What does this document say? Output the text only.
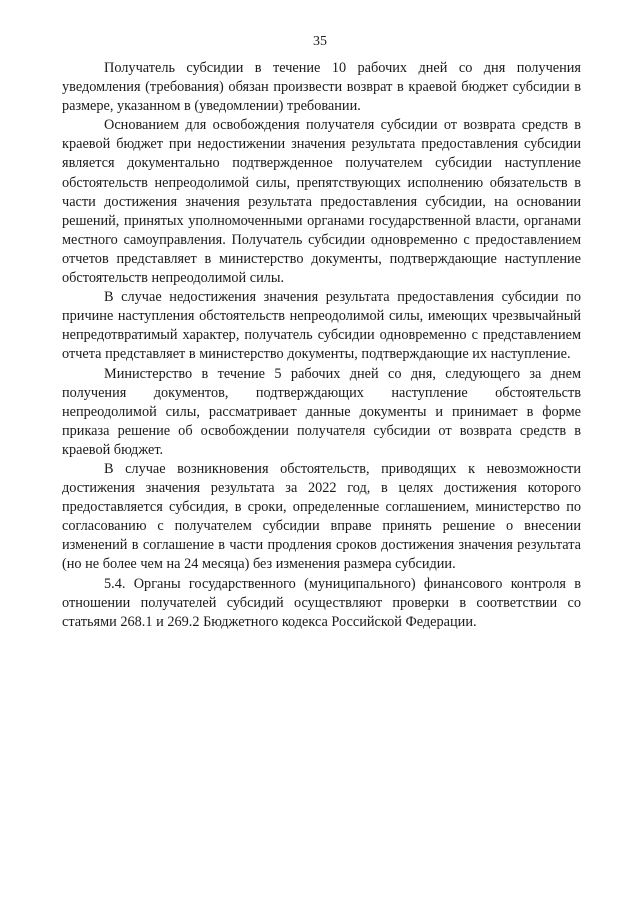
35

Получатель субсидии в течение 10 рабочих дней со дня получения уведомления (требования) обязан произвести возврат в краевой бюджет субсидии в размере, указанном в (уведомлении) требовании.

Основанием для освобождения получателя субсидии от возврата средств в краевой бюджет при недостижении значения результата предоставления субсидии является документально подтвержденное получателем субсидии наступление обстоятельств непреодолимой силы, препятствующих исполнению обязательств в части достижения значения результата предоставления субсидии, на основании решений, принятых уполномоченными органами государственной власти, органами местного самоуправления. Получатель субсидии одновременно с предоставлением отчетов представляет в министерство документы, подтверждающие наступление обстоятельств непреодолимой силы.

В случае недостижения значения результата предоставления субсидии по причине наступления обстоятельств непреодолимой силы, имеющих чрезвычайный непредотвратимый характер, получатель субсидии одновременно с представлением отчета представляет в министерство документы, подтверждающие их наступление.

Министерство в течение 5 рабочих дней со дня, следующего за днем получения документов, подтверждающих наступление обстоятельств непреодолимой силы, рассматривает данные документы и принимает в форме приказа решение об освобождении получателя субсидии от возврата средств в краевой бюджет.

В случае возникновения обстоятельств, приводящих к невозможности достижения значения результата за 2022 год, в целях достижения которого предоставляется субсидия, в сроки, определенные соглашением, министерство по согласованию с получателем субсидии вправе принять решение о внесении изменений в соглашение в части продления сроков достижения значения результата (но не более чем на 24 месяца) без изменения размера субсидии.

5.4. Органы государственного (муниципального) финансового контроля в отношении получателей субсидий осуществляют проверки в соответствии со статьями 268.1 и 269.2 Бюджетного кодекса Российской Федерации.
